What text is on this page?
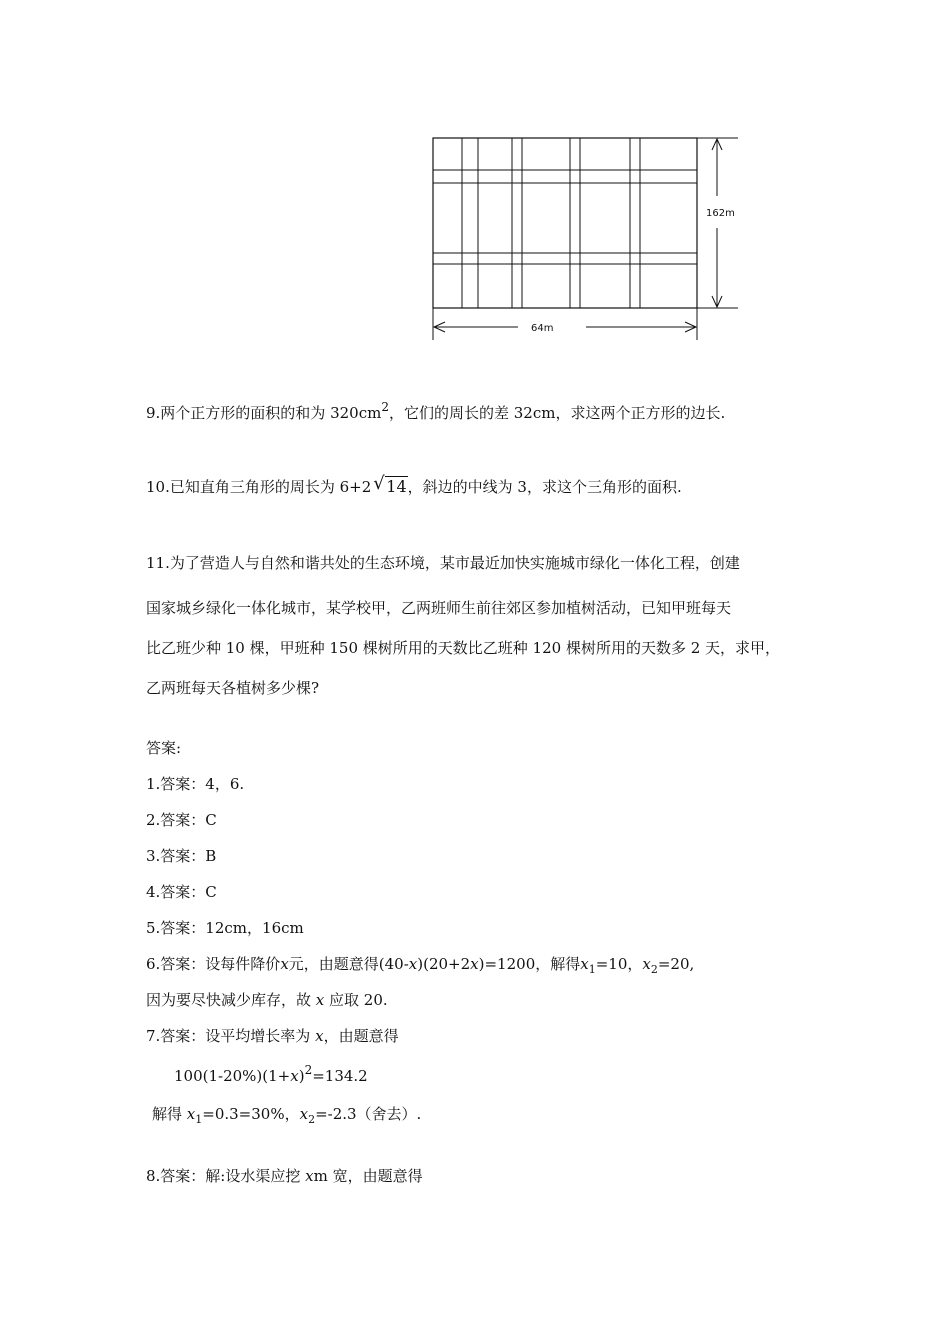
162m
64m
9.两个正方形的面积的和为 $320cm^2$，它们的周长的差 32cm，求这两个正方形的边长.
10.已知直角三角形的周长为 6+2 √ 14，斜边的中线为 3，求这个三角形的面积.
11.为了营造人与自然和谐共处的生态环境，某市最近加快实施城市绿化一体化工程，创建
国家城乡绿化一体化城市，某学校甲，乙两班师生前往郊区参加植树活动，已知甲班每天
比乙班少种 10 棵，甲班种 150 棵树所用的天数比乙班种 120 棵树所用的天数多 2 天，求甲，
乙两班每天各植树多少棵?
答案:
1.答案：4，6.
2.答案：C
3.答案：B
4.答案：C
5.答案：12cm，16cm
6.答案：设每件降价x元，由题意得(40-x)(20+2x)=1200，解得$x_1=10$，$x_2=20$,
因为要尽快减少库存，故 x 应取 20.
7.答案：设平均增长率为 x，由题意得
$100(1-20\%)(1+x)^2=134.2$
解得 $x_1=0.3=30\%$，$x_2=-2.3$（舍去）.
8.答案：解:设水渠应挖 xm 宽，由题意得
